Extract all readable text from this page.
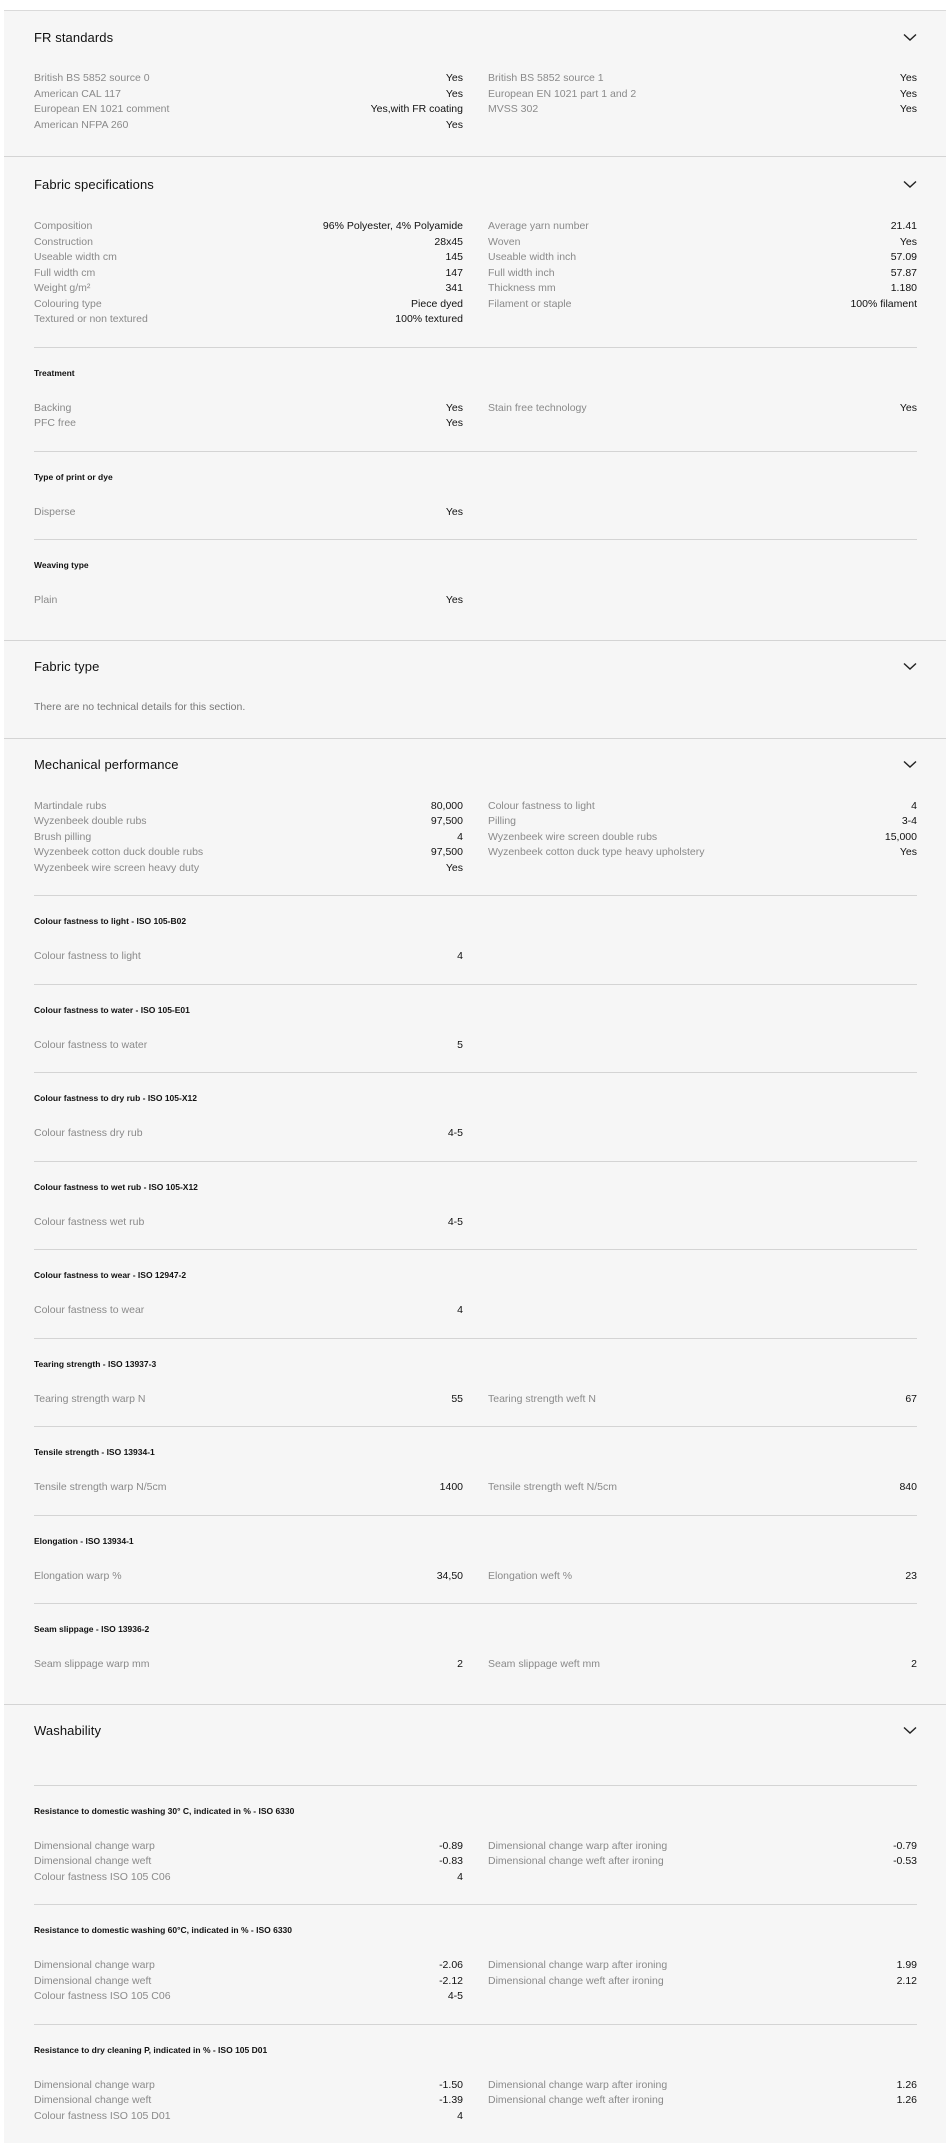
FR standards
British BS 5852 source 0	Yes
American CAL 117	Yes
European EN 1021 comment	Yes,with FR coating
American NFPA 260	Yes
British BS 5852 source 1	Yes
European EN 1021 part 1 and 2	Yes
MVSS 302	Yes
Fabric specifications
Composition	96% Polyester, 4% Polyamide
Construction	28x45
Useable width cm	145
Full width cm	147
Weight g/m²	341
Colouring type	Piece dyed
Textured or non textured	100% textured
Average yarn number	21.41
Woven	Yes
Useable width inch	57.09
Full width inch	57.87
Thickness mm	1.180
Filament or staple	100% filament
Treatment
Backing	Yes
PFC free	Yes
Stain free technology	Yes
Type of print or dye
Disperse	Yes
Weaving type
Plain	Yes
Fabric type
There are no technical details for this section.
Mechanical performance
Martindale rubs	80,000
Wyzenbeek double rubs	97,500
Brush pilling	4
Wyzenbeek cotton duck double rubs	97,500
Wyzenbeek wire screen heavy duty	Yes
Colour fastness to light	4
Pilling	3-4
Wyzenbeek wire screen double rubs	15,000
Wyzenbeek cotton duck type heavy upholstery	Yes
Colour fastness to light - ISO 105-B02
Colour fastness to light	4
Colour fastness to water - ISO 105-E01
Colour fastness to water	5
Colour fastness to dry rub - ISO 105-X12
Colour fastness dry rub	4-5
Colour fastness to wet rub - ISO 105-X12
Colour fastness wet rub	4-5
Colour fastness to wear - ISO 12947-2
Colour fastness to wear	4
Tearing strength - ISO 13937-3
Tearing strength warp N	55 Tearing strength weft N	67
Tensile strength - ISO 13934-1
Tensile strength warp N/5cm	1400 Tensile strength weft N/5cm	840
Elongation - ISO 13934-1
Elongation warp %	34,50 Elongation weft %	23
Seam slippage - ISO 13936-2
Seam slippage warp mm	2 Seam slippage weft mm	2
Washability
Resistance to domestic washing 30° C, indicated in % - ISO 6330
Dimensional change warp	-0.89
Dimensional change weft	-0.83
Colour fastness ISO 105 C06	4
Dimensional change warp after ironing	-0.79
Dimensional change weft after ironing	-0.53
Resistance to domestic washing 60°C, indicated in % - ISO 6330
Dimensional change warp	-2.06
Dimensional change weft	-2.12
Colour fastness ISO 105 C06	4-5
Dimensional change warp after ironing	1.99
Dimensional change weft after ironing	2.12
Resistance to dry cleaning P, indicated in % - ISO 105 D01
Dimensional change warp	-1.50
Dimensional change weft	-1.39
Colour fastness ISO 105 D01	4
Dimensional change warp after ironing	1.26
Dimensional change weft after ironing	1.26
